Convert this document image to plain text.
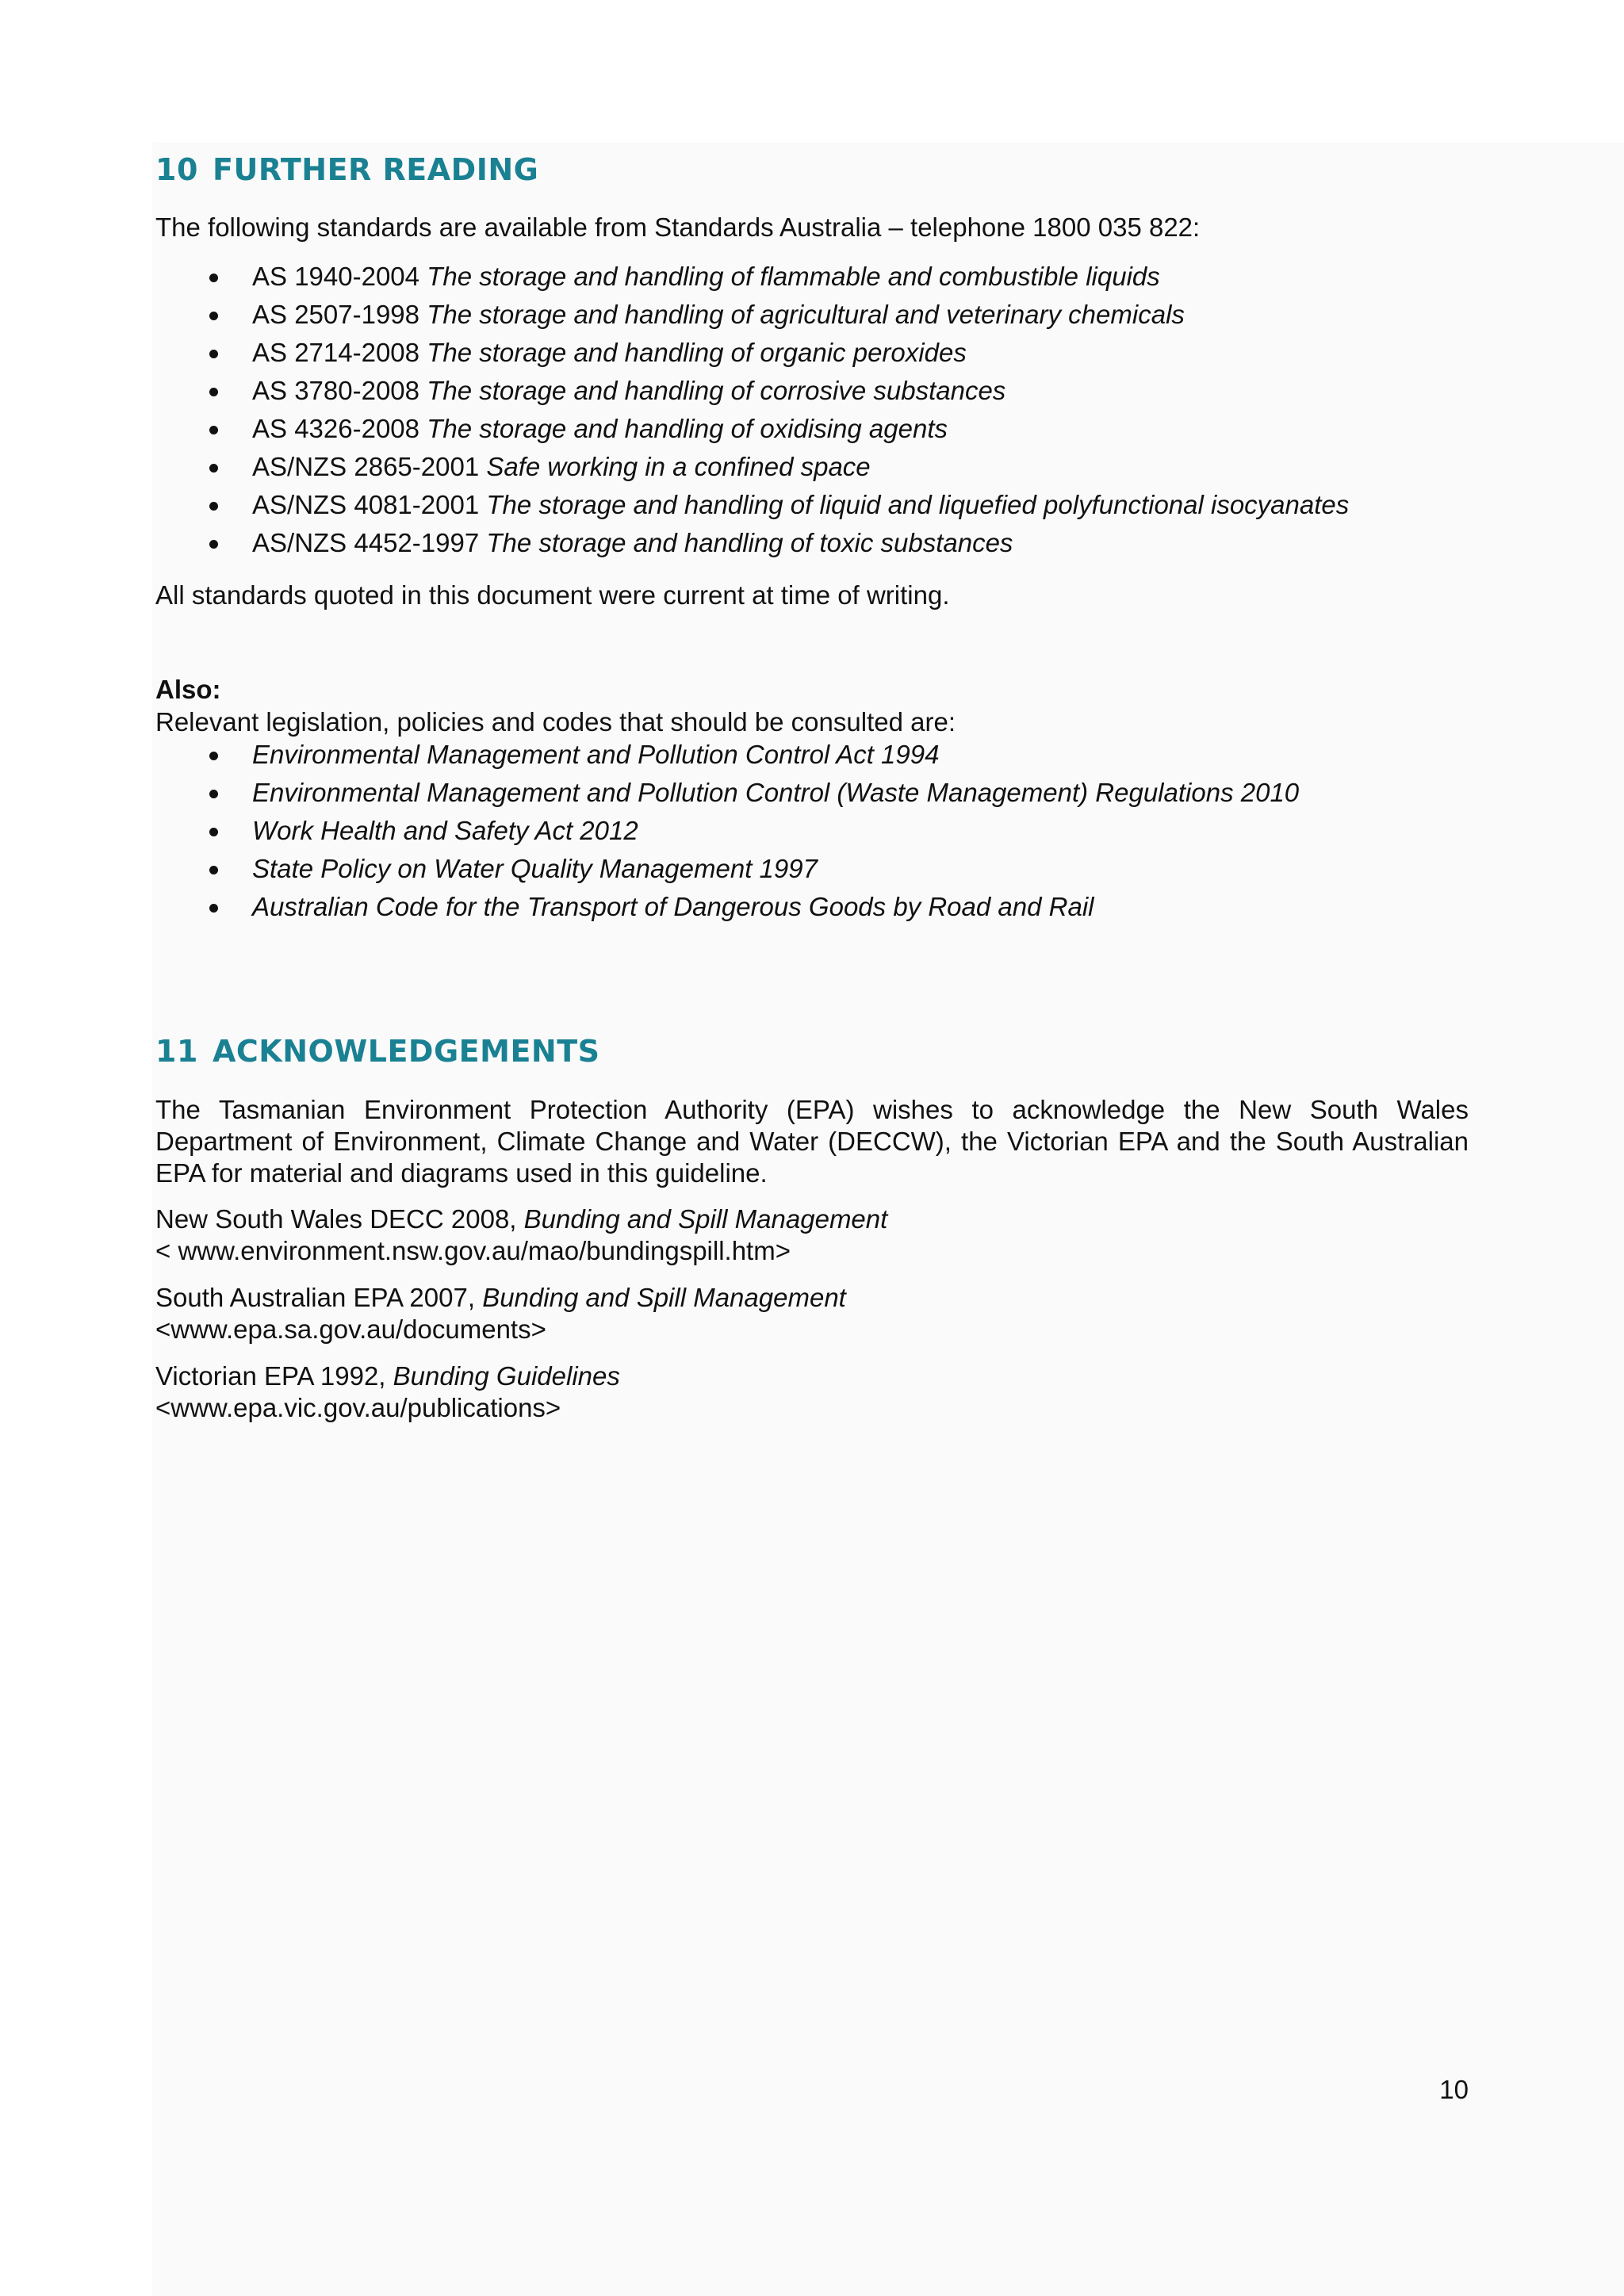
10 FURTHER READING

The following standards are available from Standards Australia – telephone 1800 035 822:

AS 1940-2004 The storage and handling of flammable and combustible liquids
AS 2507-1998 The storage and handling of agricultural and veterinary chemicals
AS 2714-2008 The storage and handling of organic peroxides
AS 3780-2008 The storage and handling of corrosive substances
AS 4326-2008 The storage and handling of oxidising agents
AS/NZS 2865-2001 Safe working in a confined space
AS/NZS 4081-2001 The storage and handling of liquid and liquefied polyfunctional isocyanates
AS/NZS 4452-1997 The storage and handling of toxic substances

All standards quoted in this document were current at time of writing.

Also:

Relevant legislation, policies and codes that should be consulted are:

Environmental Management and Pollution Control Act 1994
Environmental Management and Pollution Control (Waste Management) Regulations 2010
Work Health and Safety Act 2012
State Policy on Water Quality Management 1997
Australian Code for the Transport of Dangerous Goods by Road and Rail
11 ACKNOWLEDGEMENTS

The Tasmanian Environment Protection Authority (EPA) wishes to acknowledge the New South Wales Department of Environment, Climate Change and Water (DECCW), the Victorian EPA and the South Australian EPA for material and diagrams used in this guideline.

New South Wales DECC 2008, Bunding and Spill Management
< www.environment.nsw.gov.au/mao/bundingspill.htm>

South Australian EPA 2007, Bunding and Spill Management
<www.epa.sa.gov.au/documents>

Victorian EPA 1992, Bunding Guidelines
<www.epa.vic.gov.au/publications>

10
